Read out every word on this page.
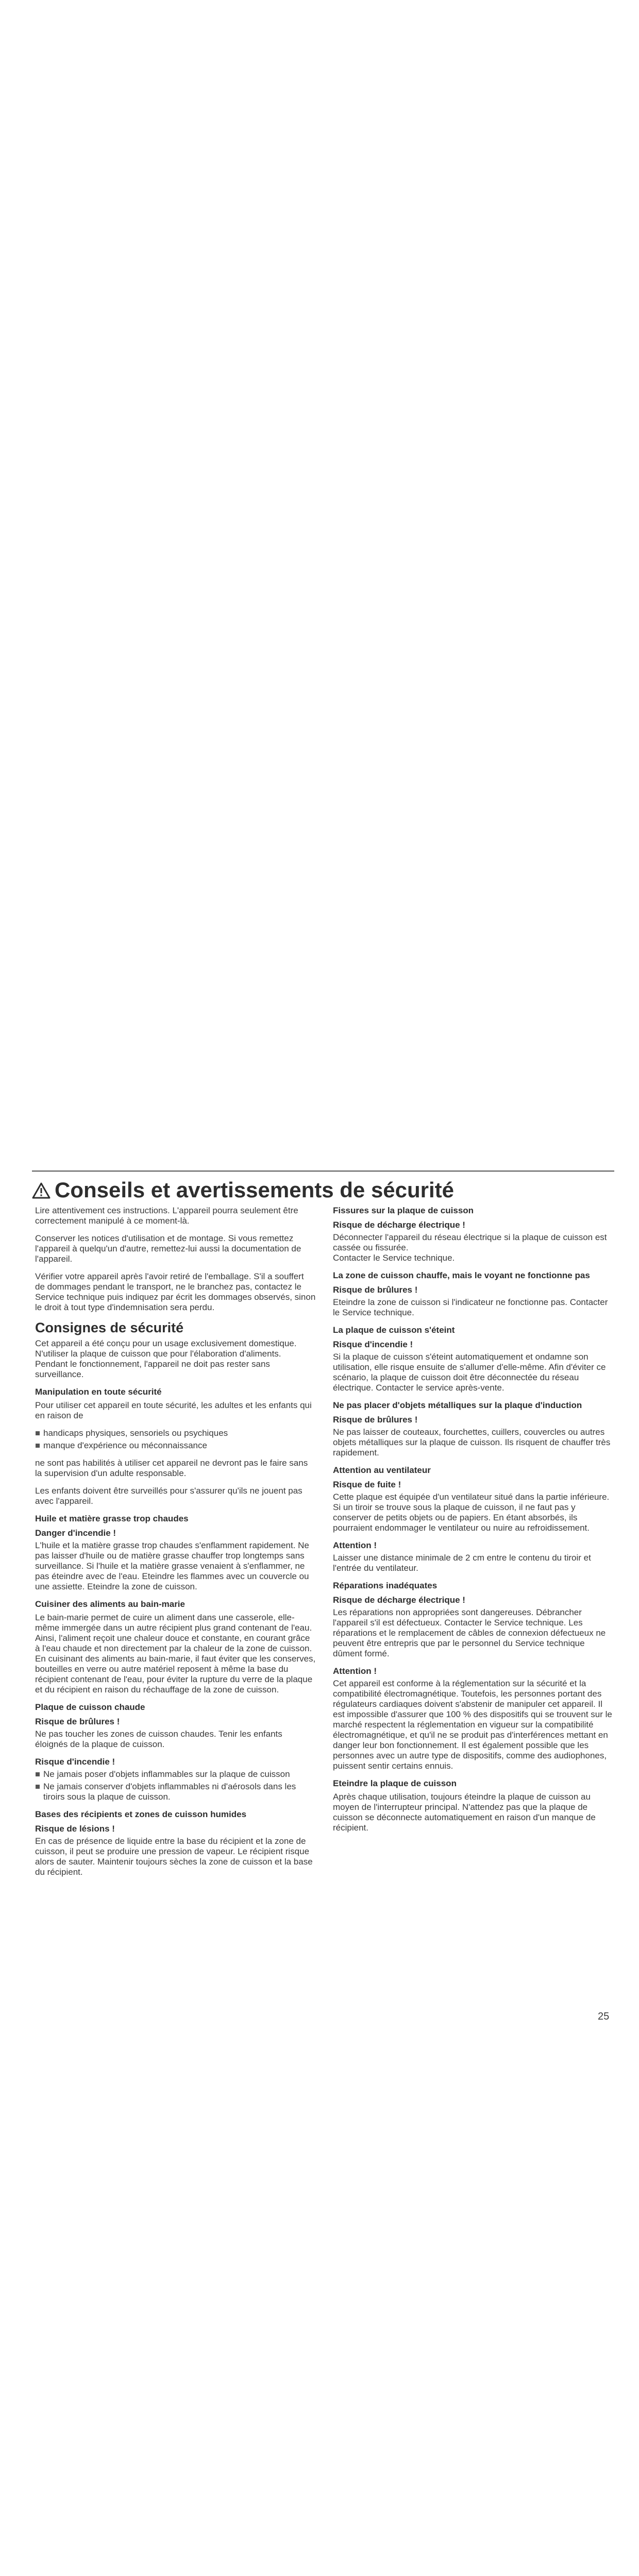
Conseils et avertissements de sécurité

Lire attentivement ces instructions. L'appareil pourra seulement être correctement manipulé à ce moment-là.

Conserver les notices d'utilisation et de montage. Si vous remettez l'appareil à quelqu'un d'autre, remettez-lui aussi la documentation de l'appareil.

Vérifier votre appareil après l'avoir retiré de l'emballage. S'il a souffert de dommages pendant le transport, ne le branchez pas, contactez le Service technique puis indiquez par écrit les dommages observés, sinon le droit à tout type d'indemnisation sera perdu.

Consignes de sécurité

Cet appareil a été conçu pour un usage exclusivement domestique. N'utiliser la plaque de cuisson que pour l'élaboration d'aliments. Pendant le fonctionnement, l'appareil ne doit pas rester sans surveillance.

Manipulation en toute sécurité

Pour utiliser cet appareil en toute sécurité, les adultes et les enfants qui en raison de

handicaps physiques, sensoriels ou psychiques
manque d'expérience ou méconnaissance

ne sont pas habilités à utiliser cet appareil ne devront pas le faire sans la supervision d'un adulte responsable.

Les enfants doivent être surveillés pour s'assurer qu'ils ne jouent pas avec l'appareil.

Huile et matière grasse trop chaudes
Danger d'incendie !

L'huile et la matière grasse trop chaudes s'enflamment rapidement. Ne pas laisser d'huile ou de matière grasse chauffer trop longtemps sans surveillance. Si l'huile et la matière grasse venaient à s'enflammer, ne pas éteindre avec de l'eau. Eteindre les flammes avec un couvercle ou une assiette. Eteindre la zone de cuisson.

Cuisiner des aliments au bain-marie

Le bain-marie permet de cuire un aliment dans une casserole, elle-même immergée dans un autre récipient plus grand contenant de l'eau. Ainsi, l'aliment reçoit une chaleur douce et constante, en courant grâce à l'eau chaude et non directement par la chaleur de la zone de cuisson. En cuisinant des aliments au bain-marie, il faut éviter que les conserves, bouteilles en verre ou autre matériel reposent à même la base du récipient contenant de l'eau, pour éviter la rupture du verre de la plaque et du récipient en raison du réchauffage de la zone de cuisson.

Plaque de cuisson chaude
Risque de brûlures !

Ne pas toucher les zones de cuisson chaudes. Tenir les enfants éloignés de la plaque de cuisson.

Risque d'incendie !
Ne jamais poser d'objets inflammables sur la plaque de cuisson
Ne jamais conserver d'objets inflammables ni d'aérosols dans les tiroirs sous la plaque de cuisson.
Bases des récipients et zones de cuisson humides
Risque de lésions !

En cas de présence de liquide entre la base du récipient et la zone de cuisson, il peut se produire une pression de vapeur. Le récipient risque alors de sauter. Maintenir toujours sèches la zone de cuisson et la base du récipient.

Fissures sur la plaque de cuisson
Risque de décharge électrique !

Déconnecter l'appareil du réseau électrique si la plaque de cuisson est cassée ou fissurée.

Contacter le Service technique.

La zone de cuisson chauffe, mais le voyant ne fonctionne pas
Risque de brûlures !

Eteindre la zone de cuisson si l'indicateur ne fonctionne pas. Contacter le Service technique.

La plaque de cuisson s'éteint
Risque d'incendie !

Si la plaque de cuisson s'éteint automatiquement et ondamne son utilisation, elle risque ensuite de s'allumer d'elle-même. Afin d'éviter ce scénario, la plaque de cuisson doit être déconnectée du réseau électrique. Contacter le service après-vente.

Ne pas placer d'objets métalliques sur la plaque d'induction
Risque de brûlures !

Ne pas laisser de couteaux, fourchettes, cuillers, couvercles ou autres objets métalliques sur la plaque de cuisson. Ils risquent de chauffer très rapidement.

Attention au ventilateur
Risque de fuite !

Cette plaque est équipée d'un ventilateur situé dans la partie inférieure. Si un tiroir se trouve sous la plaque de cuisson, il ne faut pas y conserver de petits objets ou de papiers. En étant absorbés, ils pourraient endommager le ventilateur ou nuire au refroidissement.

Attention !

Laisser une distance minimale de 2 cm entre le contenu du tiroir et l'entrée du ventilateur.

Réparations inadéquates
Risque de décharge électrique !

Les réparations non appropriées sont dangereuses. Débrancher l'appareil s'il est défectueux. Contacter le Service technique. Les réparations et le remplacement de câbles de connexion défectueux ne peuvent être entrepris que par le personnel du Service technique dûment formé.

Attention !

Cet appareil est conforme à la réglementation sur la sécurité et la compatibilité électromagnétique. Toutefois, les personnes portant des régulateurs cardiaques doivent s'abstenir de manipuler cet appareil. Il est impossible d'assurer que 100 % des dispositifs qui se trouvent sur le marché respectent la réglementation en vigueur sur la compatibilité électromagnétique, et qu'il ne se produit pas d'interférences mettant en danger leur bon fonctionnement. Il est également possible que les personnes avec un autre type de dispositifs, comme des audiophones, puissent sentir certains ennuis.

Eteindre la plaque de cuisson

Après chaque utilisation, toujours éteindre la plaque de cuisson au moyen de l'interrupteur principal. N'attendez pas que la plaque de cuisson se déconnecte automatiquement en raison d'un manque de récipient.

25
